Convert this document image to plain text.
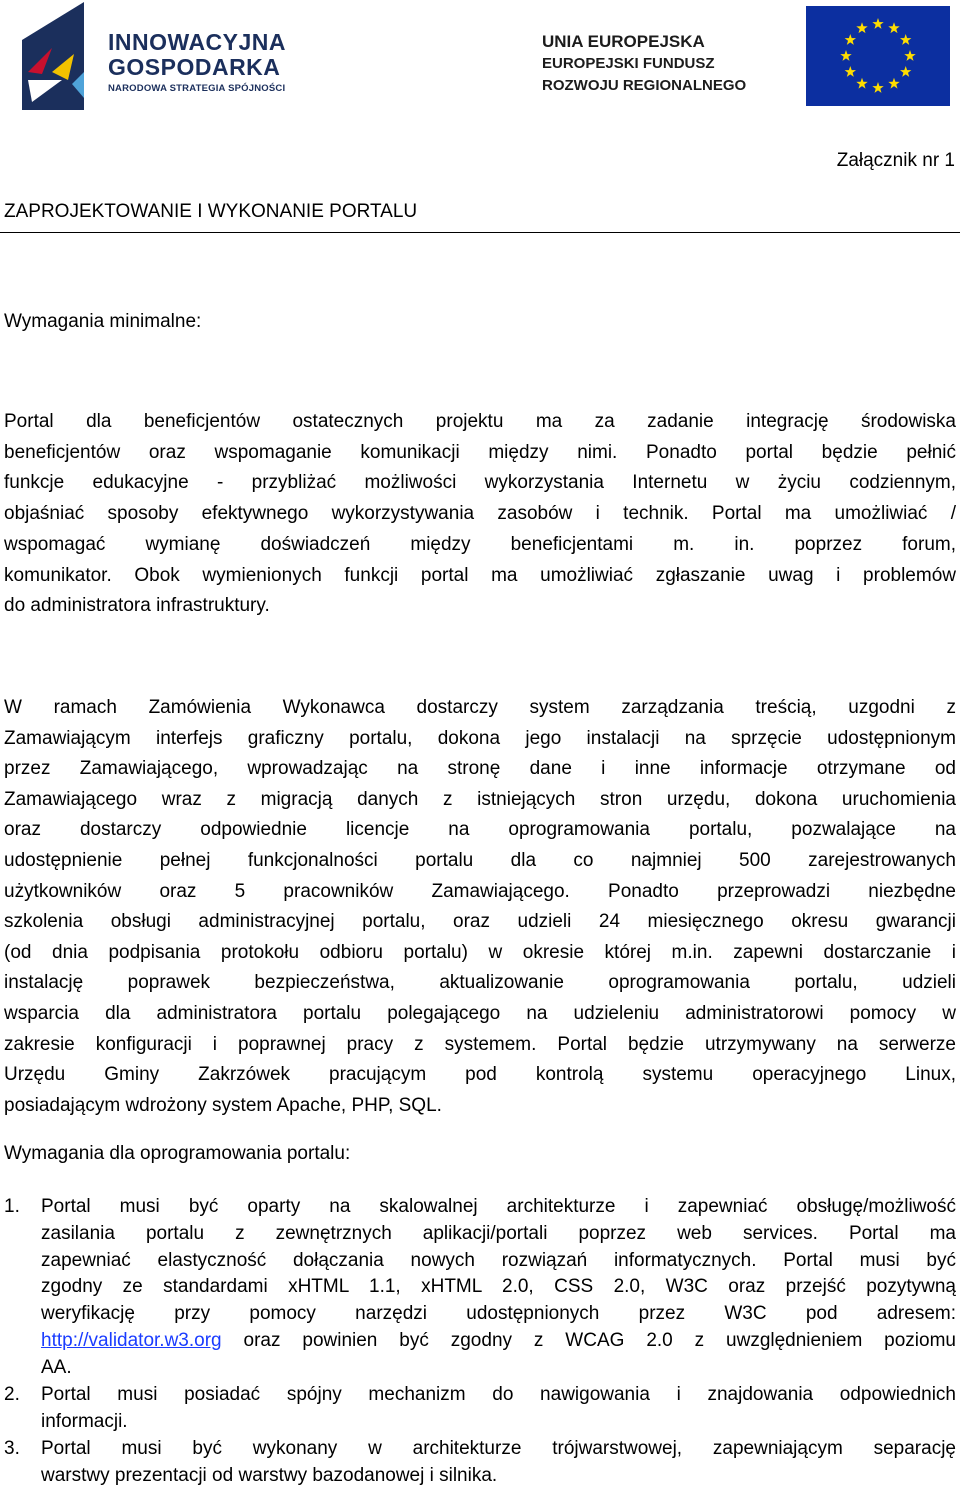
INNOWACYJNA
GOSPODARKA
NARODOWA STRATEGIA SPÓJNOŚCI
UNIA EUROPEJSKA
EUROPEJSKI FUNDUSZ
ROZWOJU REGIONALNEGO
Załącznik nr 1
ZAPROJEKTOWANIE I WYKONANIE PORTALU
Wymagania minimalne:
Portal dla beneficjentów ostatecznych projektu ma za zadanie integrację środowiska
beneficjentów oraz wspomaganie komunikacji między nimi. Ponadto portal będzie pełnić
funkcje edukacyjne - przybliżać możliwości wykorzystania Internetu w życiu codziennym,
objaśniać sposoby efektywnego wykorzystywania zasobów i technik. Portal ma umożliwiać /
wspomagać wymianę doświadczeń między beneficjentami m. in. poprzez forum,
komunikator. Obok wymienionych funkcji portal ma umożliwiać zgłaszanie uwag i problemów
do administratora infrastruktury.
W ramach Zamówienia Wykonawca dostarczy system zarządzania treścią, uzgodni z
Zamawiającym interfejs graficzny portalu, dokona jego instalacji na sprzęcie udostępnionym
przez Zamawiającego, wprowadzając na stronę dane i inne informacje otrzymane od
Zamawiającego wraz z migracją danych z istniejących stron urzędu, dokona uruchomienia
oraz dostarczy odpowiednie licencje na oprogramowania portalu, pozwalające na
udostępnienie pełnej funkcjonalności portalu dla co najmniej 500 zarejestrowanych
użytkowników oraz 5 pracowników Zamawiającego. Ponadto przeprowadzi niezbędne
szkolenia obsługi administracyjnej portalu, oraz udzieli 24 miesięcznego okresu gwarancji
(od dnia podpisania protokołu odbioru portalu) w okresie której m.in. zapewni dostarczanie i
instalację poprawek bezpieczeństwa, aktualizowanie oprogramowania portalu, udzieli
wsparcia dla administratora portalu polegającego na udzieleniu administratorowi pomocy w
zakresie konfiguracji i poprawnej pracy z systemem. Portal będzie utrzymywany na serwerze
Urzędu Gminy Zakrzówek pracującym pod kontrolą systemu operacyjnego Linux,
posiadającym wdrożony system Apache, PHP, SQL.
Wymagania dla oprogramowania portalu:
1. Portal musi być oparty na skalowalnej architekturze i zapewniać obsługę/możliwość
zasilania portalu z zewnętrznych aplikacji/portali poprzez web services. Portal ma
zapewniać elastyczność dołączania nowych rozwiązań informatycznych. Portal musi być
zgodny ze standardami xHTML 1.1, xHTML 2.0, CSS 2.0, W3C oraz przejść pozytywną
weryfikację przy pomocy narzędzi udostępnionych przez W3C pod adresem:
http://validator.w3.org oraz powinien być zgodny z WCAG 2.0 z uwzględnieniem poziomu
AA.
2. Portal musi posiadać spójny mechanizm do nawigowania i znajdowania odpowiednich
informacji.
3. Portal musi być wykonany w architekturze trójwarstwowej, zapewniającym separację
warstwy prezentacji od warstwy bazodanowej i silnika.
